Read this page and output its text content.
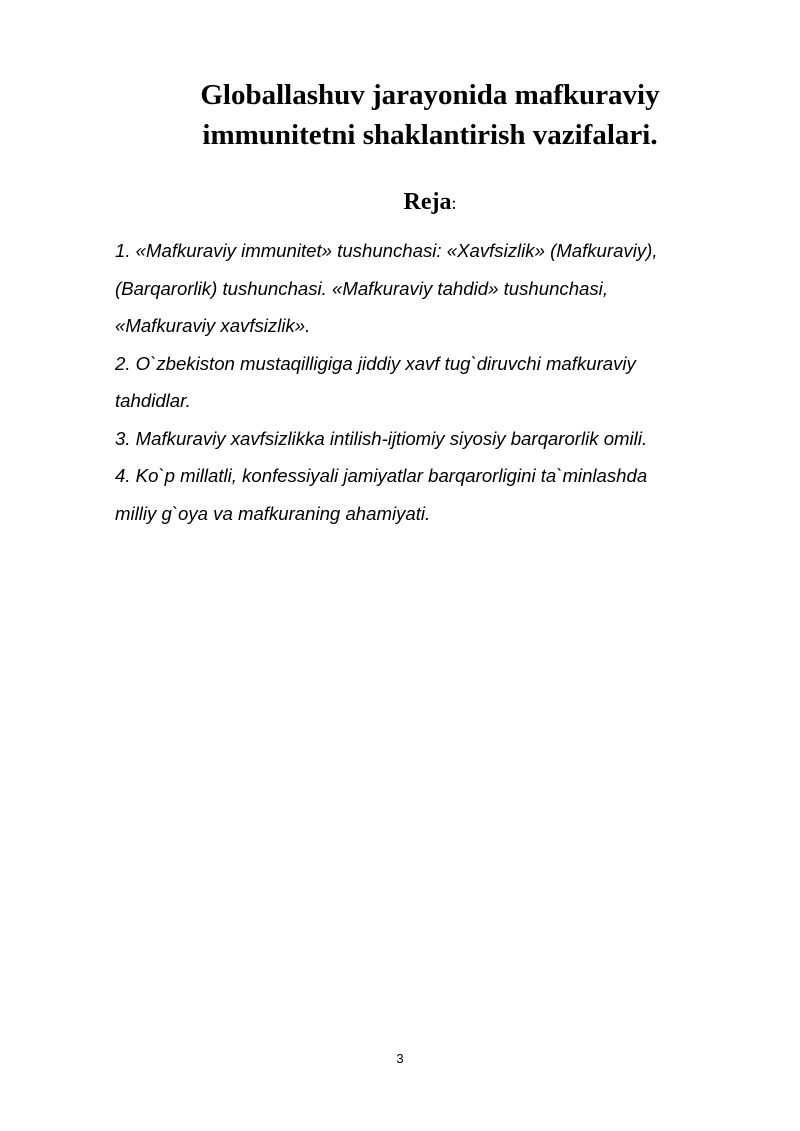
Globallashuv jarayonida mafkuraviy
immunitetni shaklantirish vazifalari.
Reja:
1. «Mafkuraviy immunitet» tushunchasi: «Xavfsizlik» (Mafkuraviy),
(Barqarorlik) tushunchasi. «Mafkuraviy tahdid» tushunchasi,
«Mafkuraviy xavfsizlik».
2. O`zbekiston mustaqilligiga jiddiy xavf tug`diruvchi mafkuraviy
tahdidlar.
3. Mafkuraviy xavfsizlikka intilish-ijtiomiy siyosiy barqarorlik omili.
4. Ko`p millatli, konfessiyali jamiyatlar barqarorligini ta`minlashda
milliy g`oya va mafkuraning ahamiyati.
3
